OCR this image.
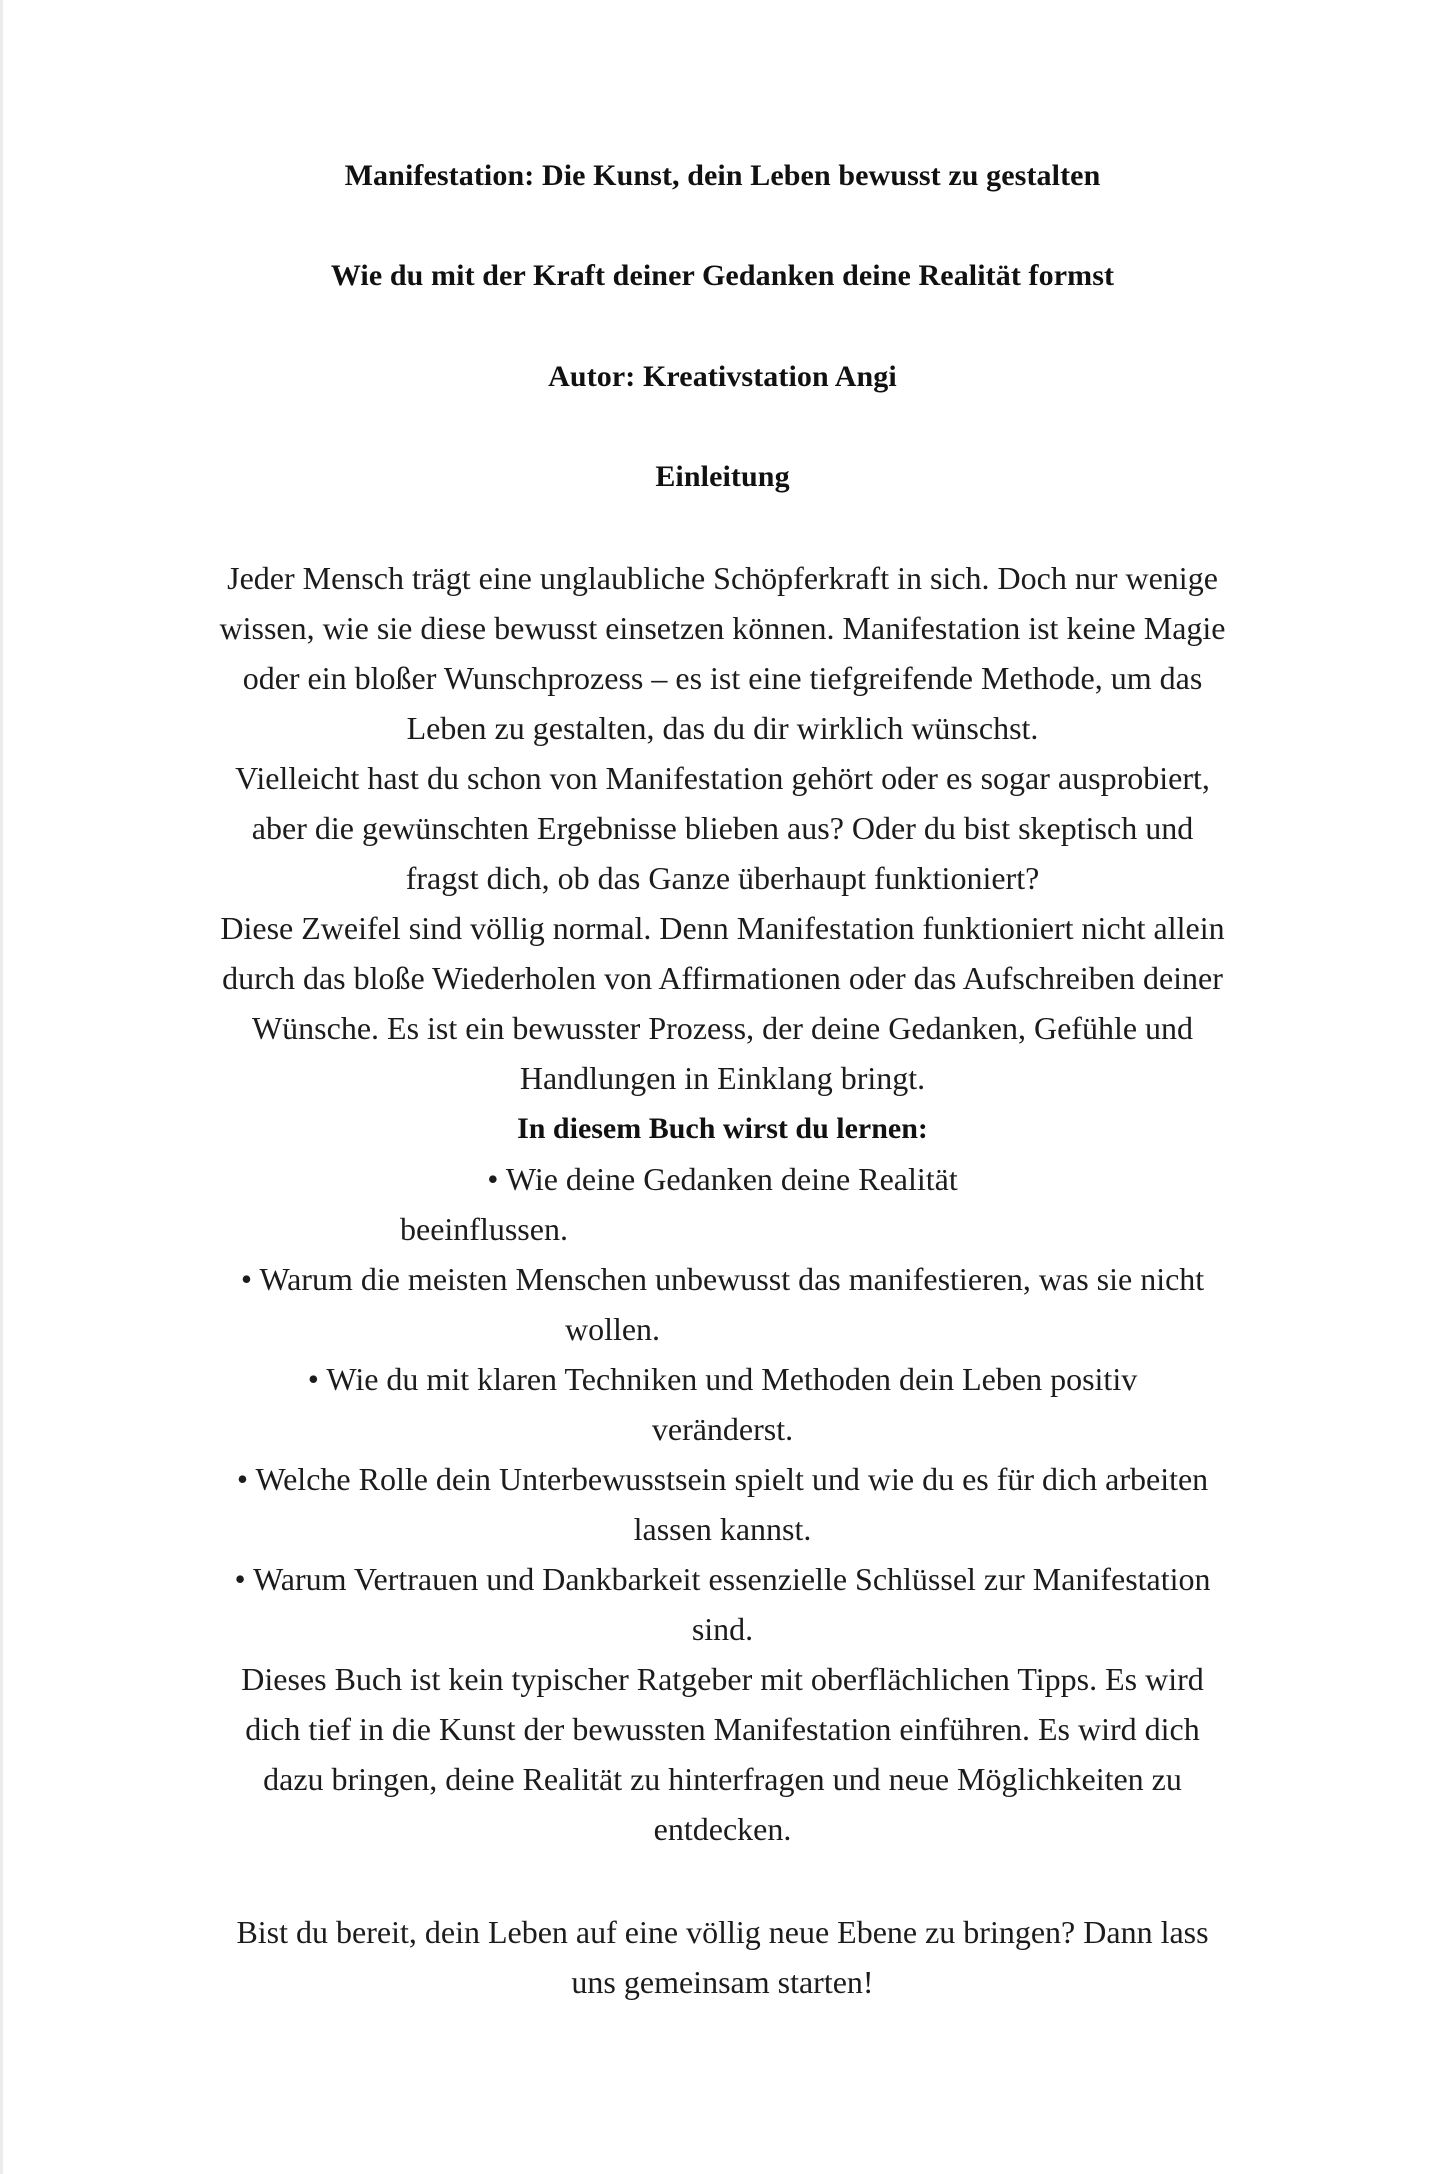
Manifestation: Die Kunst, dein Leben bewusst zu gestalten
Wie du mit der Kraft deiner Gedanken deine Realität formst
Autor: Kreativstation Angi
Einleitung
Jeder Mensch trägt eine unglaubliche Schöpferkraft in sich. Doch nur wenige
wissen, wie sie diese bewusst einsetzen können. Manifestation ist keine Magie
oder ein bloßer Wunschprozess – es ist eine tiefgreifende Methode, um das
Leben zu gestalten, das du dir wirklich wünschst.
Vielleicht hast du schon von Manifestation gehört oder es sogar ausprobiert,
aber die gewünschten Ergebnisse blieben aus? Oder du bist skeptisch und
fragst dich, ob das Ganze überhaupt funktioniert?
Diese Zweifel sind völlig normal. Denn Manifestation funktioniert nicht allein
durch das bloße Wiederholen von Affirmationen oder das Aufschreiben deiner
Wünsche. Es ist ein bewusster Prozess, der deine Gedanken, Gefühle und
Handlungen in Einklang bringt.
In diesem Buch wirst du lernen:
• Wie deine Gedanken deine Realität
beeinflussen.
• Warum die meisten Menschen unbewusst das manifestieren, was sie nicht
wollen.
• Wie du mit klaren Techniken und Methoden dein Leben positiv
veränderst.
• Welche Rolle dein Unterbewusstsein spielt und wie du es für dich arbeiten
lassen kannst.
• Warum Vertrauen und Dankbarkeit essenzielle Schlüssel zur Manifestation
sind.
Dieses Buch ist kein typischer Ratgeber mit oberflächlichen Tipps. Es wird
dich tief in die Kunst der bewussten Manifestation einführen. Es wird dich
dazu bringen, deine Realität zu hinterfragen und neue Möglichkeiten zu
entdecken.
Bist du bereit, dein Leben auf eine völlig neue Ebene zu bringen? Dann lass
uns gemeinsam starten!
